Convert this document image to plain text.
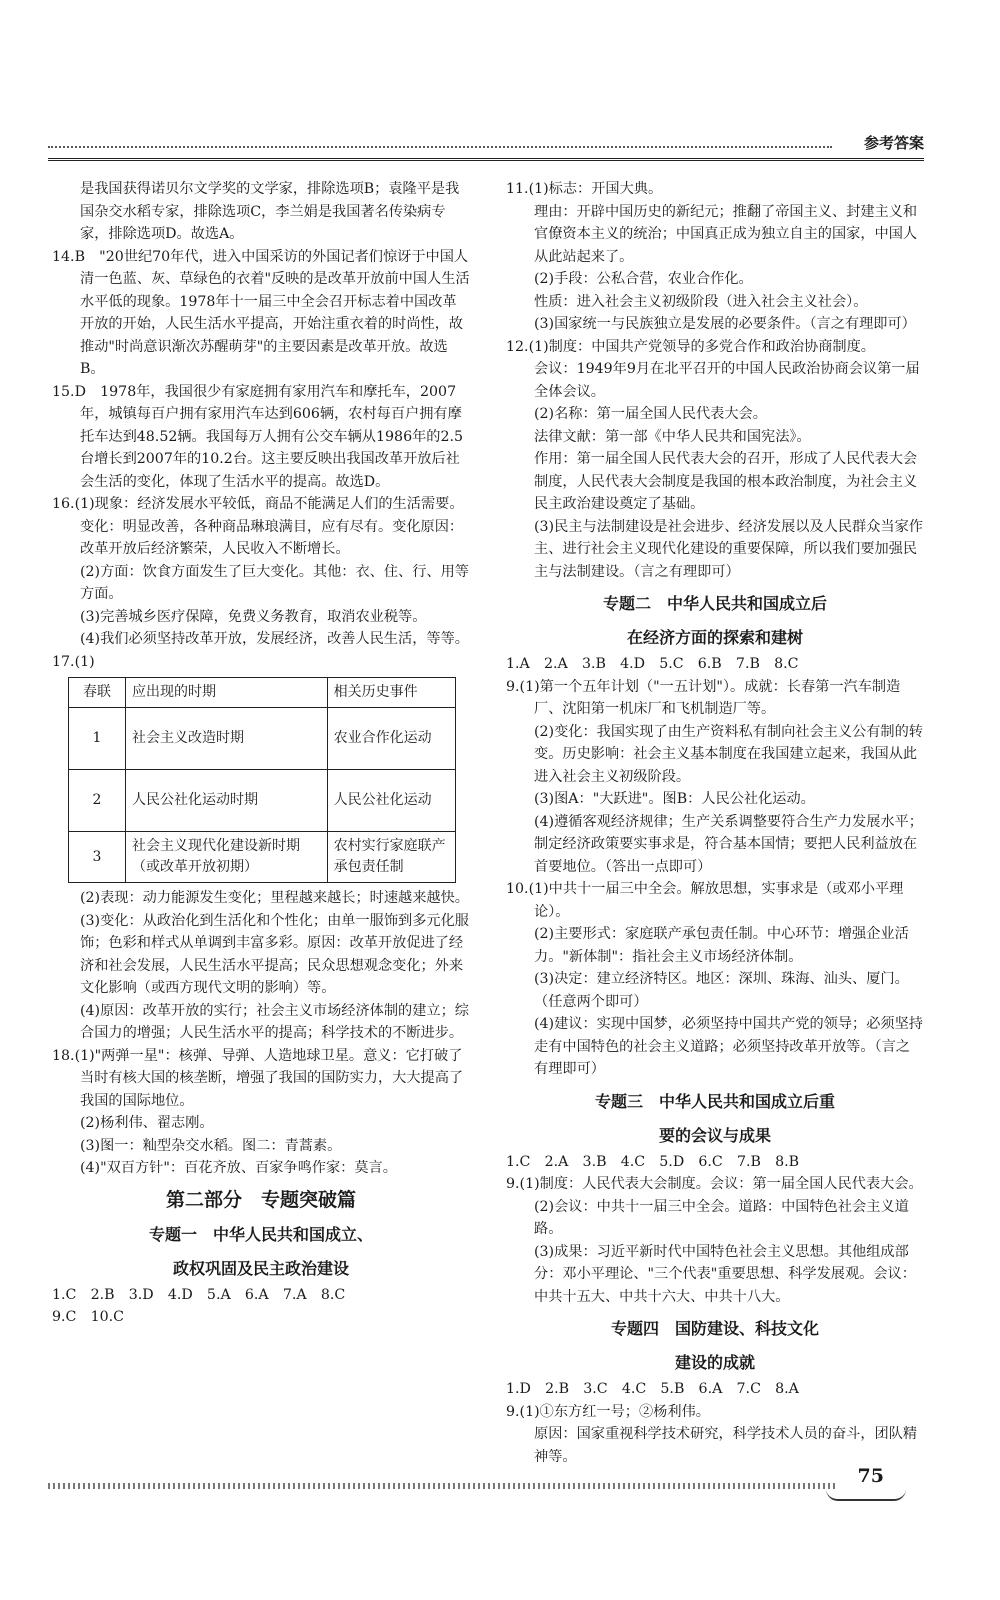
参考答案

是我国获得诺贝尔文学奖的文学家，排除选项B；袁隆平是我国杂交水稻专家，排除选项C，李兰娟是我国著名传染病专家，排除选项D。故选A。

14.B　"20世纪70年代，进入中国采访的外国记者们惊讶于中国人清一色蓝、灰、草绿色的衣着"反映的是改革开放前中国人生活水平低的现象。1978年十一届三中全会召开标志着中国改革开放的开始，人民生活水平提高，开始注重衣着的时尚性，故推动"时尚意识渐次苏醒萌芽"的主要因素是改革开放。故选B。

15.D　1978年，我国很少有家庭拥有家用汽车和摩托车，2007年，城镇每百户拥有家用汽车达到606辆，农村每百户拥有摩托车达到48.52辆。我国每万人拥有公交车辆从1986年的2.5台增长到2007年的10.2台。这主要反映出我国改革开放后社会生活的变化，体现了生活水平的提高。故选D。

16.(1)现象：经济发展水平较低，商品不能满足人们的生活需要。变化：明显改善，各种商品琳琅满目，应有尽有。变化原因：改革开放后经济繁荣，人民收入不断增长。

(2)方面：饮食方面发生了巨大变化。其他：衣、住、行、用等方面。

(3)完善城乡医疗保障，免费义务教育，取消农业税等。

(4)我们必须坚持改革开放，发展经济，改善人民生活，等等。

17.(1)

春联	应出现的时期	相关历史事件
1	社会主义改造时期	农业合作化运动
2	人民公社化运动时期	人民公社化运动
3	社会主义现代化建设新时期（或改革开放初期）	农村实行家庭联产承包责任制

(2)表现：动力能源发生变化；里程越来越长；时速越来越快。

(3)变化：从政治化到生活化和个性化；由单一服饰到多元化服饰；色彩和样式从单调到丰富多彩。原因：改革开放促进了经济和社会发展，人民生活水平提高；民众思想观念变化；外来文化影响（或西方现代文明的影响）等。

(4)原因：改革开放的实行；社会主义市场经济体制的建立；综合国力的增强；人民生活水平的提高；科学技术的不断进步。

18.(1)"两弹一星"：核弹、导弹、人造地球卫星。意义：它打破了当时有核大国的核垄断，增强了我国的国防实力，大大提高了我国的国际地位。

(2)杨利伟、翟志刚。

(3)图一：籼型杂交水稻。图二：青蒿素。

(4)"双百方针"：百花齐放、百家争鸣作家：莫言。

第二部分　专题突破篇
专题一　中华人民共和国成立、
政权巩固及民主政治建设

1.C　2.B　3.D　4.D　5.A　6.A　7.A　8.C

9.C　10.C

11.(1)标志：开国大典。

理由：开辟中国历史的新纪元；推翻了帝国主义、封建主义和官僚资本主义的统治；中国真正成为独立自主的国家，中国人从此站起来了。

(2)手段：公私合营，农业合作化。

性质：进入社会主义初级阶段（进入社会主义社会）。

(3)国家统一与民族独立是发展的必要条件。（言之有理即可）

12.(1)制度：中国共产党领导的多党合作和政治协商制度。

会议：1949年9月在北平召开的中国人民政治协商会议第一届全体会议。

(2)名称：第一届全国人民代表大会。

法律文献：第一部《中华人民共和国宪法》。

作用：第一届全国人民代表大会的召开，形成了人民代表大会制度，人民代表大会制度是我国的根本政治制度，为社会主义民主政治建设奠定了基础。

(3)民主与法制建设是社会进步、经济发展以及人民群众当家作主、进行社会主义现代化建设的重要保障，所以我们要加强民主与法制建设。（言之有理即可）

专题二　中华人民共和国成立后
在经济方面的探索和建树

1.A　2.A　3.B　4.D　5.C　6.B　7.B　8.C

9.(1)第一个五年计划（"一五计划"）。成就：长春第一汽车制造厂、沈阳第一机床厂和飞机制造厂等。

(2)变化：我国实现了由生产资料私有制向社会主义公有制的转变。历史影响：社会主义基本制度在我国建立起来，我国从此进入社会主义初级阶段。

(3)图A："大跃进"。图B：人民公社化运动。

(4)遵循客观经济规律；生产关系调整要符合生产力发展水平；制定经济政策要实事求是，符合基本国情；要把人民利益放在首要地位。（答出一点即可）

10.(1)中共十一届三中全会。解放思想，实事求是（或邓小平理论）。

(2)主要形式：家庭联产承包责任制。中心环节：增强企业活力。"新体制"：指社会主义市场经济体制。

(3)决定：建立经济特区。地区：深圳、珠海、汕头、厦门。（任意两个即可）

(4)建议：实现中国梦，必须坚持中国共产党的领导；必须坚持走有中国特色的社会主义道路；必须坚持改革开放等。（言之有理即可）

专题三　中华人民共和国成立后重
要的会议与成果

1.C　2.A　3.B　4.C　5.D　6.C　7.B　8.B

9.(1)制度：人民代表大会制度。会议：第一届全国人民代表大会。

(2)会议：中共十一届三中全会。道路：中国特色社会主义道路。

(3)成果：习近平新时代中国特色社会主义思想。其他组成部分：邓小平理论、"三个代表"重要思想、科学发展观。会议：中共十五大、中共十六大、中共十八大。

专题四　国防建设、科技文化
建设的成就

1.D　2.B　3.C　4.C　5.B　6.A　7.C　8.A

9.(1)①东方红一号；②杨利伟。

原因：国家重视科学技术研究，科学技术人员的奋斗，团队精神等。

75
